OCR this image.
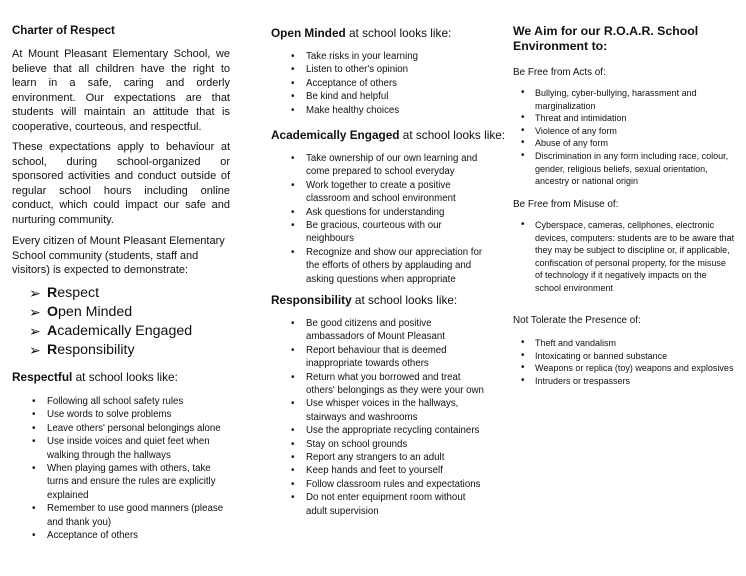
Charter of Respect

At Mount Pleasant Elementary School, we believe that all children have the right to learn in a safe, caring and orderly environment. Our expectations are that students will maintain an attitude that is cooperative, courteous, and respectful.

These expectations apply to behaviour at school, during school-organized or sponsored activities and conduct outside of regular school hours including online conduct, which could impact our safe and nurturing community.

Every citizen of Mount Pleasant Elementary School community (students, staff and visitors) is expected to demonstrate:

➢ Respect
➢ Open Minded
➢ Academically Engaged
➢ Responsibility

Respectful at school looks like:

• Following all school safety rules
• Use words to solve problems
• Leave others' personal belongings alone
• Use inside voices and quiet feet when walking through the hallways
• When playing games with others, take turns and ensure the rules are explicitly explained
• Remember to use good manners (please and thank you)
• Acceptance of others

Open Minded at school looks like:

• Take risks in your learning
• Listen to other's opinion
• Acceptance of others
• Be kind and helpful
• Make healthy choices

Academically Engaged at school looks like:

• Take ownership of our own learning and come prepared to school everyday
• Work together to create a positive classroom and school environment
• Ask questions for understanding
• Be gracious, courteous with our neighbours
• Recognize and show our appreciation for the efforts of others by applauding and asking questions when appropriate

Responsibility at school looks like:

• Be good citizens and positive ambassadors of Mount Pleasant
• Report behaviour that is deemed inappropriate towards others
• Return what you borrowed and treat others' belongings as they were your own
• Use whisper voices in the hallways, stairways and washrooms
• Use the appropriate recycling containers
• Stay on school grounds
• Report any strangers to an adult
• Keep hands and feet to yourself
• Follow classroom rules and expectations
• Do not enter equipment room without adult supervision

We Aim for our R.O.A.R. School Environment to:

Be Free from Acts of:

• Bullying, cyber-bullying, harassment and marginalization
• Threat and intimidation
• Violence of any form
• Abuse of any form
• Discrimination in any form including race, colour, gender, religious beliefs, sexual orientation, ancestry or national origin

Be Free from Misuse of:

• Cyberspace, cameras, cellphones, electronic devices, computers: students are to be aware that they may be subject to discipline or, if applicable, confiscation of personal property, for the misuse of technology if it negatively impacts on the school environment

Not Tolerate the Presence of:

• Theft and vandalism
• Intoxicating or banned substance
• Weapons or replica (toy) weapons and explosives
• Intruders or trespassers
